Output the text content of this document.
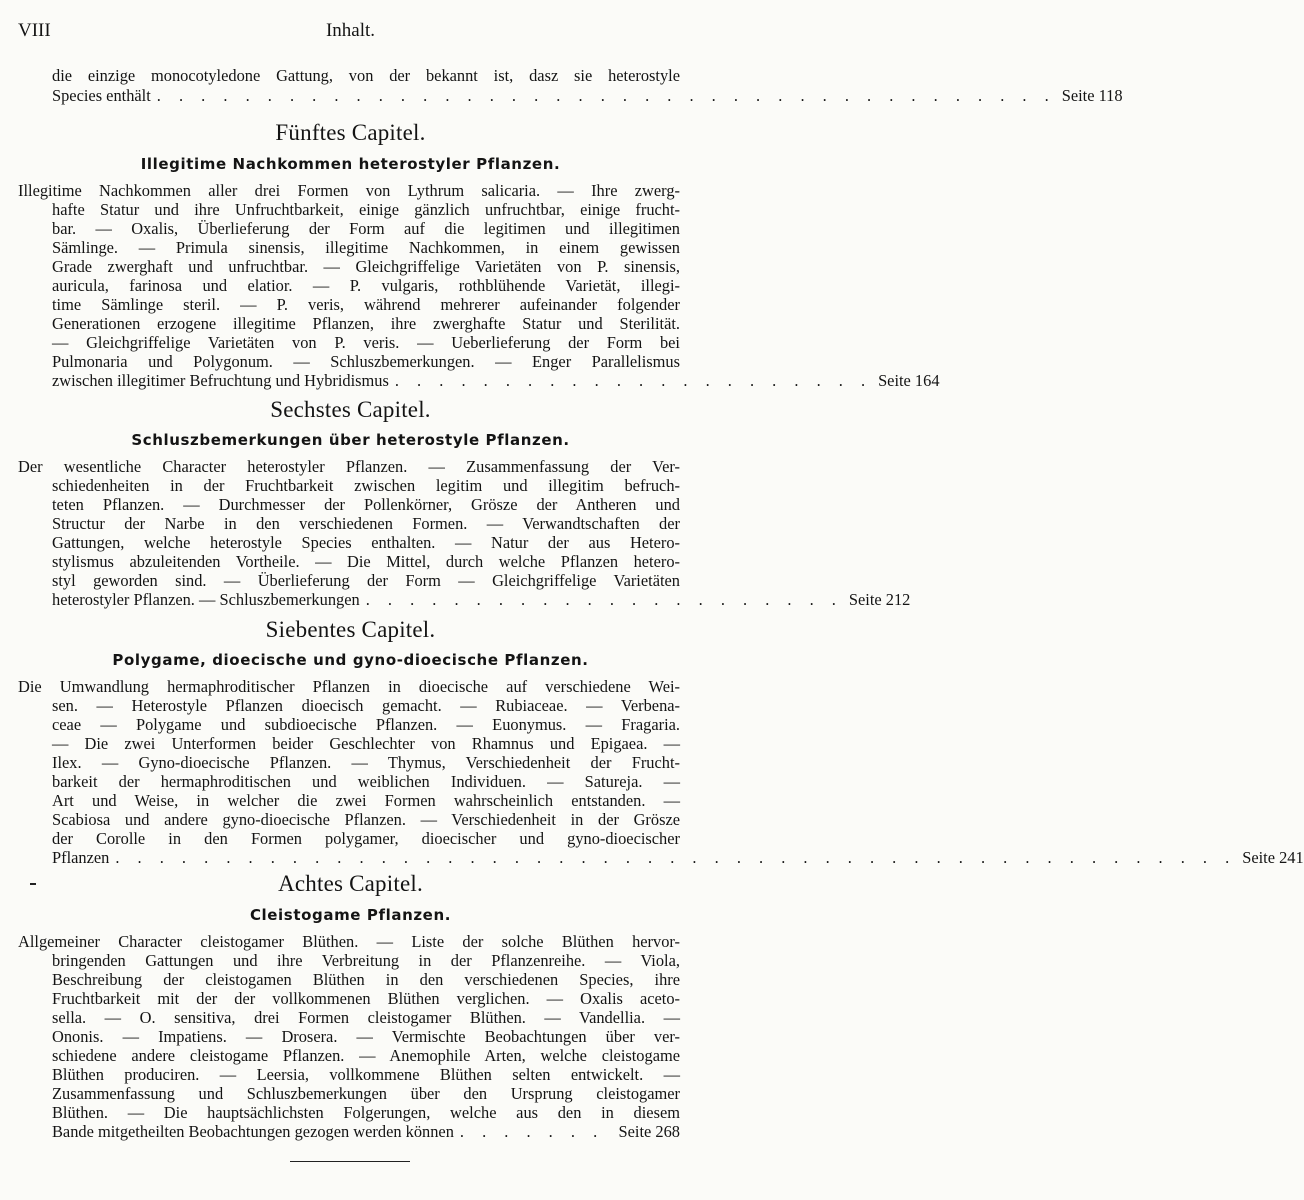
VIII	Inhalt.
die einzige monocotyledone Gattung, von der bekannt ist, dasz sie heterostyle
Species enthält . . . . . . . . . . . . . . . . . . . . . . . . . . . . . . . . . . . . . . . . . Seite 118
Fünftes Capitel.
Illegitime Nachkommen heterostyler Pflanzen.
Illegitime Nachkommen aller drei Formen von Lythrum salicaria. — Ihre zwerg-
hafte Statur und ihre Unfruchtbarkeit, einige gänzlich unfruchtbar, einige frucht-
bar. — Oxalis, Überlieferung der Form auf die legitimen und illegitimen
Sämlinge. — Primula sinensis, illegitime Nachkommen, in einem gewissen
Grade zwerghaft und unfruchtbar. — Gleichgriffelige Varietäten von P. sinensis,
auricula, farinosa und elatior. — P. vulgaris, rothblühende Varietät, illegi-
time Sämlinge steril. — P. veris, während mehrerer aufeinander folgender
Generationen erzogene illegitime Pflanzen, ihre zwerghafte Statur und Sterilität.
— Gleichgriffelige Varietäten von P. veris. — Ueberlieferung der Form bei
Pulmonaria und Polygonum. — Schluszbemerkungen. — Enger Parallelismus
zwischen illegitimer Befruchtung und Hybridismus . . . . . . . . . . . . . . . . . . . . . . Seite 164
Sechstes Capitel.
Schluszbemerkungen über heterostyle Pflanzen.
Der wesentliche Character heterostyler Pflanzen. — Zusammenfassung der Ver-
schiedenheiten in der Fruchtbarkeit zwischen legitim und illegitim befruch-
teten Pflanzen. — Durchmesser der Pollenkörner, Grösze der Antheren und
Structur der Narbe in den verschiedenen Formen. — Verwandtschaften der
Gattungen, welche heterostyle Species enthalten. — Natur der aus Hetero-
stylismus abzuleitenden Vortheile. — Die Mittel, durch welche Pflanzen hetero-
styl geworden sind. — Überlieferung der Form — Gleichgriffelige Varietäten
heterostyler Pflanzen. — Schluszbemerkungen . . . . . . . . . . . . . . . . . . . . . . Seite 212
Siebentes Capitel.
Polygame, dioecische und gyno-dioecische Pflanzen.
Die Umwandlung hermaphroditischer Pflanzen in dioecische auf verschiedene Wei-
sen. — Heterostyle Pflanzen dioecisch gemacht. — Rubiaceae. — Verbena-
ceae — Polygame und subdioecische Pflanzen. — Euonymus. — Fragaria.
— Die zwei Unterformen beider Geschlechter von Rhamnus und Epigaea. —
Ilex. — Gyno-dioecische Pflanzen. — Thymus, Verschiedenheit der Frucht-
barkeit der hermaphroditischen und weiblichen Individuen. — Satureja. —
Art und Weise, in welcher die zwei Formen wahrscheinlich entstanden. —
Scabiosa und andere gyno-dioecische Pflanzen. — Verschiedenheit in der Grösze
der Corolle in den Formen polygamer, dioecischer und gyno-dioecischer
Pflanzen . . . . . . . . . . . . . . . . . . . . . . . . . . . . . . . . . . . . . . . . . . . . . . . . . . . Seite 241
Achtes Capitel.
Cleistogame Pflanzen.
Allgemeiner Character cleistogamer Blüthen. — Liste der solche Blüthen hervor-
bringenden Gattungen und ihre Verbreitung in der Pflanzenreihe. — Viola,
Beschreibung der cleistogamen Blüthen in den verschiedenen Species, ihre
Fruchtbarkeit mit der der vollkommenen Blüthen verglichen. — Oxalis aceto-
sella. — O. sensitiva, drei Formen cleistogamer Blüthen. — Vandellia. —
Ononis. — Impatiens. — Drosera. — Vermischte Beobachtungen über ver-
schiedene andere cleistogame Pflanzen. — Anemophile Arten, welche cleistogame
Blüthen produciren. — Leersia, vollkommene Blüthen selten entwickelt. —
Zusammenfassung und Schluszbemerkungen über den Ursprung cleistogamer
Blüthen. — Die hauptsächlichsten Folgerungen, welche aus den in diesem
Bande mitgetheilten Beobachtungen gezogen werden können . . . . . . . Seite 268
